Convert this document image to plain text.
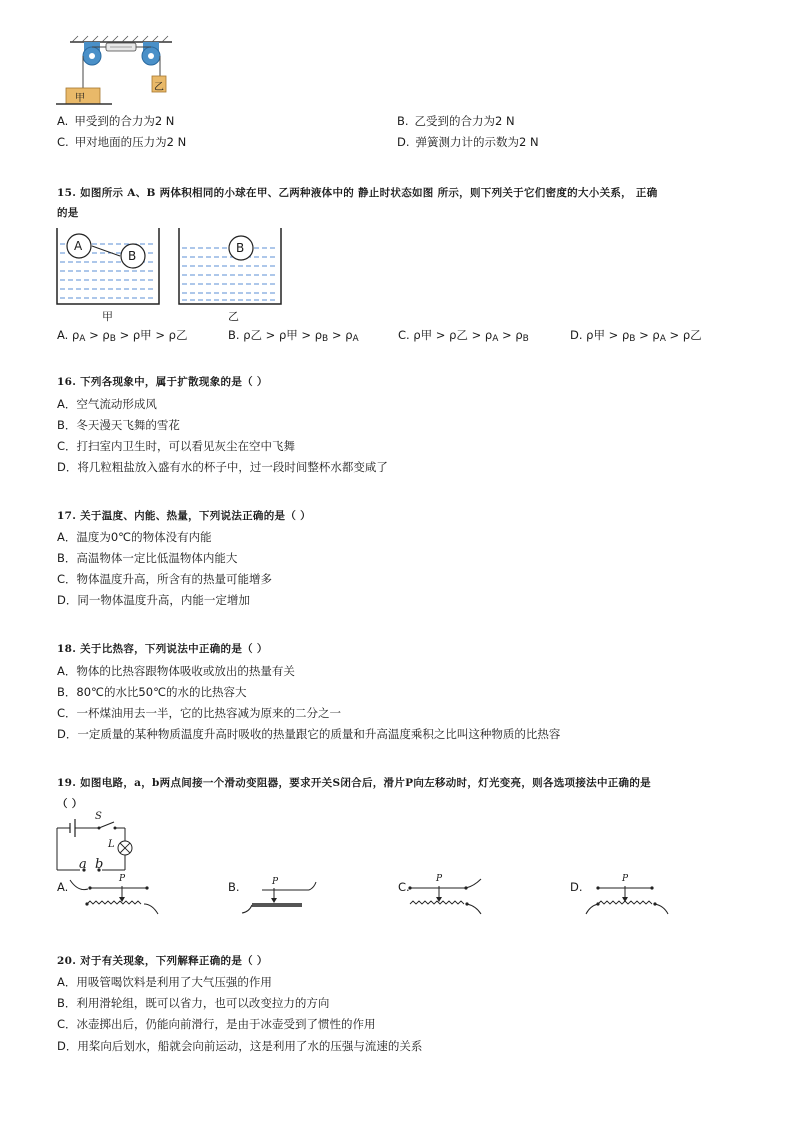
甲
乙
A. 甲受到的合力为2 N	B. 乙受到的合力为2 N
C. 甲对地面的压力为2 N	D. 弹簧测力计的示数为2 N
15. 如图所示 A、B 两体积相同的小球在甲、乙两种液体中的 静止时状态如图 所示，则下列关于它们密度的大小关系， 正确
的是
A
B
B
甲	乙
A. $\rho_A > \rho_B > \rho$甲 > ρ乙	B. ρ乙 > ρ甲 > $\rho_B > \rho_A$	C. ρ甲 > ρ乙 > $\rho_A > \rho_B$	D. ρ甲 > $\rho_B > \rho_A > \rho$乙
16. 下列各现象中，属于扩散现象的是（ ）
A．空气流动形成风
B．冬天漫天飞舞的雪花
C．打扫室内卫生时，可以看见灰尘在空中飞舞
D．将几粒粗盐放入盛有水的杯子中，过一段时间整杯水都变咸了
17. 关于温度、内能、热量，下列说法正确的是（ ）
A．温度为0℃的物体没有内能
B．高温物体一定比低温物体内能大
C．物体温度升高，所含有的热量可能增多
D．同一物体温度升高，内能一定增加
18. 关于比热容，下列说法中正确的是（ ）
A．物体的比热容跟物体吸收或放出的热量有关
B．80℃的水比50℃的水的比热容大
C．一杯煤油用去一半，它的比热容减为原来的二分之一
D．一定质量的某种物质温度升高时吸收的热量跟它的质量和升高温度乘积之比叫这种物质的比热容
19. 如图电路，a，b两点间接一个滑动变阻器，要求开关S闭合后，滑片P向左移动时，灯光变亮，则各选项接法中正确的是
（ ）
S
L
a b
A.
P
B.	P	C.
P
D.
P
20. 对于有关现象，下列解释正确的是（ ）
A．用吸管喝饮料是利用了大气压强的作用
B．利用滑轮组，既可以省力，也可以改变拉力的方向
C．冰壶掷出后，仍能向前滑行，是由于冰壶受到了惯性的作用
D．用桨向后划水，船就会向前运动，这是利用了水的压强与流速的关系
